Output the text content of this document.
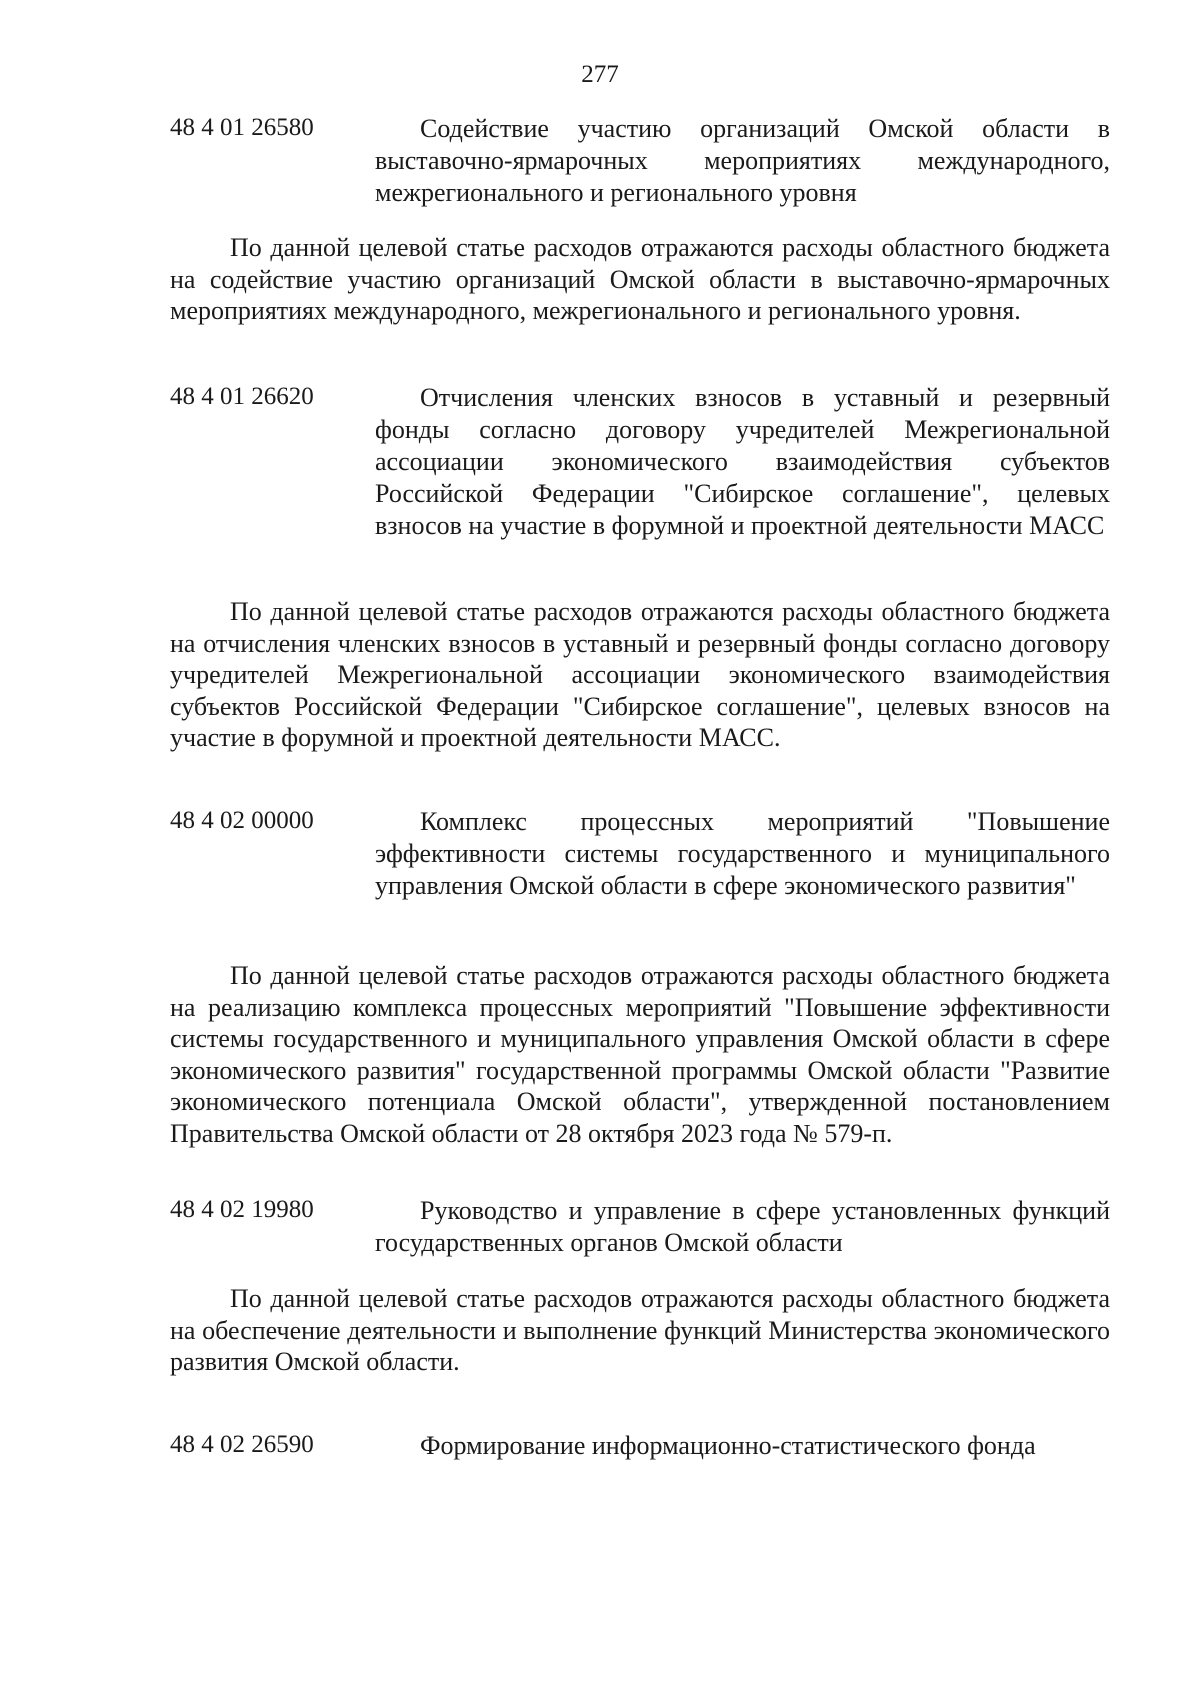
277
48 4 01 26580	Содействие участию организаций Омской области в выставочно-ярмарочных мероприятиях международного, межрегионального и регионального уровня
По данной целевой статье расходов отражаются расходы областного бюджета на содействие участию организаций Омской области в выставочно-ярмарочных мероприятиях международного, межрегионального и регионального уровня.
48 4 01 26620	Отчисления членских взносов в уставный и резервный фонды согласно договору учредителей Межрегиональной ассоциации экономического взаимодействия субъектов Российской Федерации "Сибирское соглашение", целевых взносов на участие в форумной и проектной деятельности МАСС
По данной целевой статье расходов отражаются расходы областного бюджета на отчисления членских взносов в уставный и резервный фонды согласно договору учредителей Межрегиональной ассоциации экономического взаимодействия субъектов Российской Федерации "Сибирское соглашение", целевых взносов на участие в форумной и проектной деятельности МАСС.
48 4 02 00000	Комплекс процессных мероприятий "Повышение эффективности системы государственного и муниципального управления Омской области в сфере экономического развития"
По данной целевой статье расходов отражаются расходы областного бюджета на реализацию комплекса процессных мероприятий "Повышение эффективности системы государственного и муниципального управления Омской области в сфере экономического развития" государственной программы Омской области "Развитие экономического потенциала Омской области", утвержденной постановлением Правительства Омской области от 28 октября 2023 года № 579-п.
48 4 02 19980	Руководство и управление в сфере установленных функций государственных органов Омской области
По данной целевой статье расходов отражаются расходы областного бюджета на обеспечение деятельности и выполнение функций Министерства экономического развития Омской области.
48 4 02 26590	Формирование информационно-статистического фонда
